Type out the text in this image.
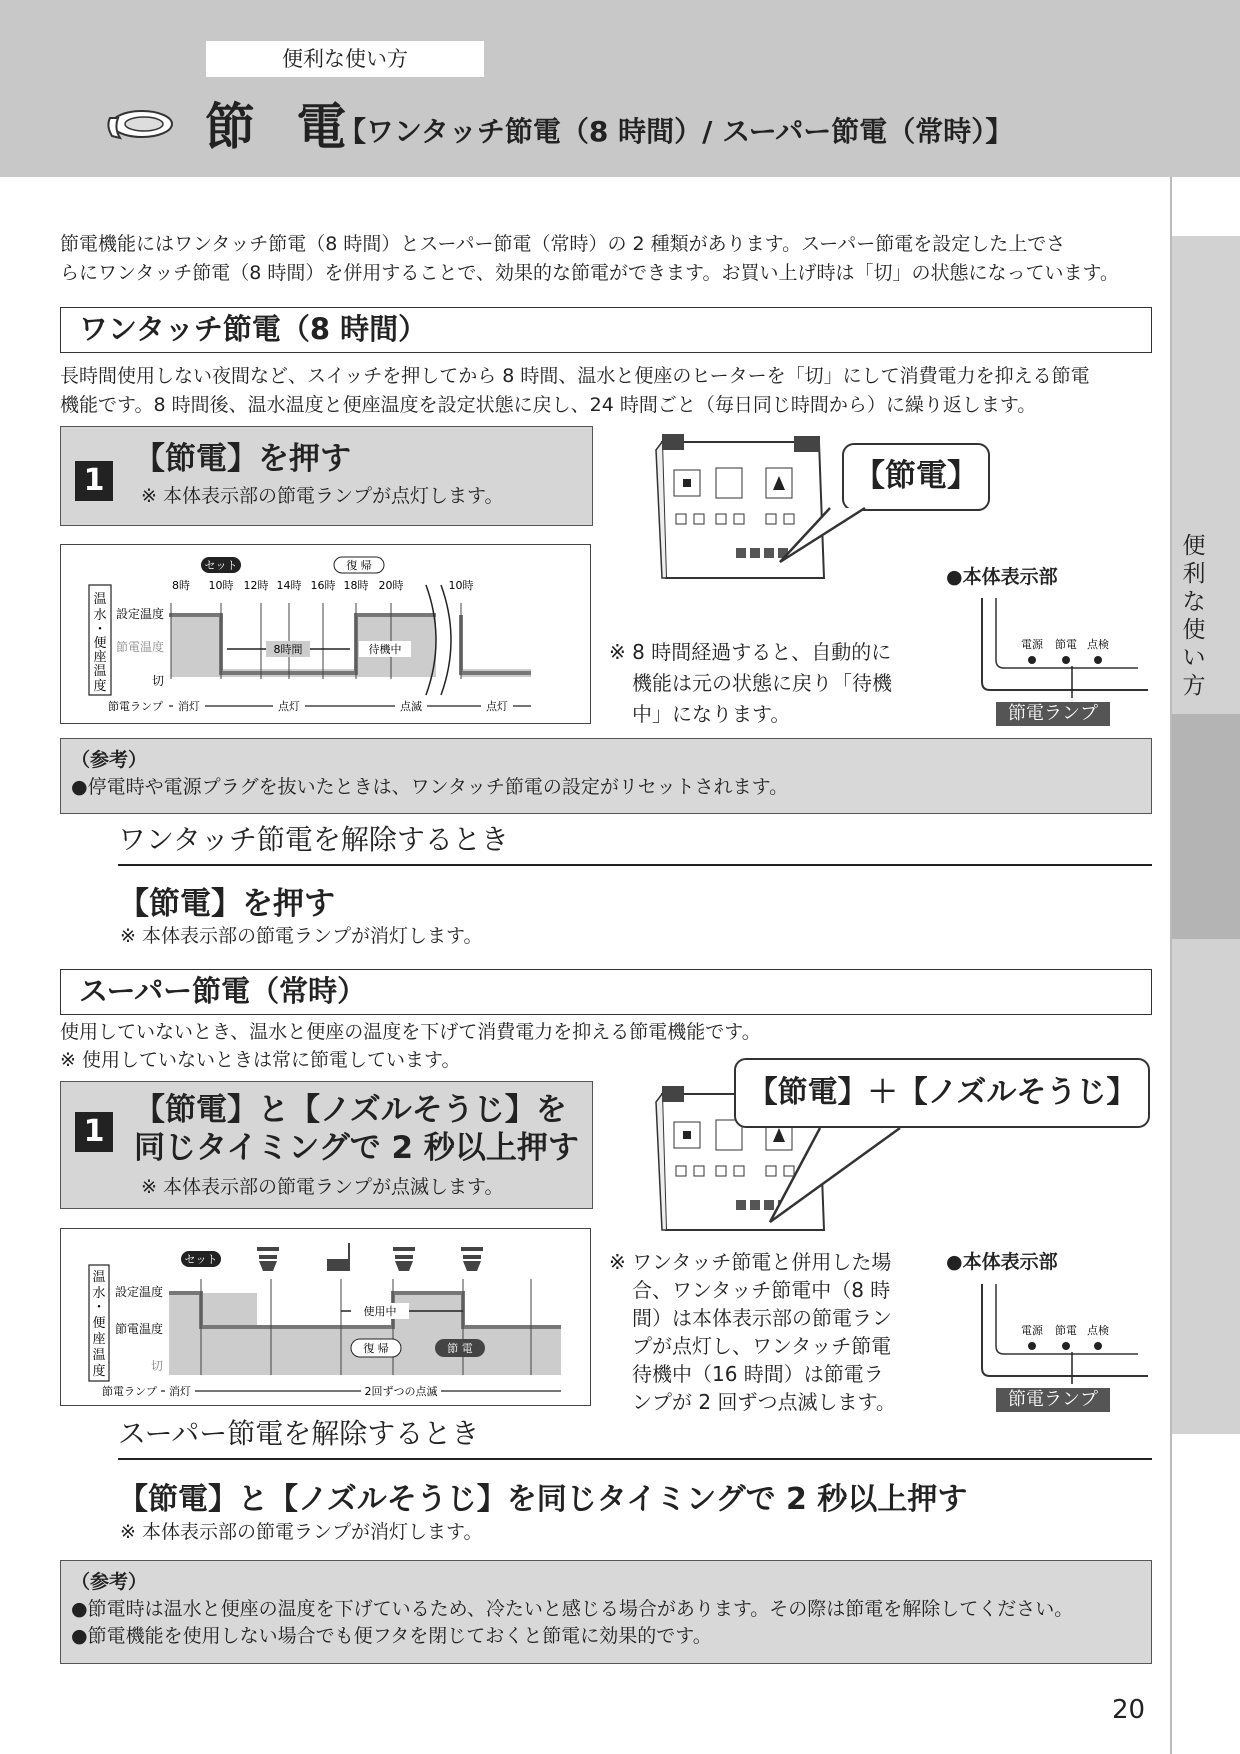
便利な使い方
節 電
【ワンタッチ節電（8 時間）/ スーパー節電（常時）】
便利な使い方
節電機能にはワンタッチ節電（8 時間）とスーパー節電（常時）の 2 種類があります。スーパー節電を設定した上でさ
らにワンタッチ節電（8 時間）を併用することで、効果的な節電ができます。お買い上げ時は「切」の状態になっています。
ワンタッチ節電（8 時間）
長時間使用しない夜間など、スイッチを押してから 8 時間、温水と便座のヒーターを「切」にして消費電力を抑える節電
機能です。8 時間後、温水温度と便座温度を設定状態に戻し、24 時間ごと（毎日同じ時間から）に繰り返します。
1
【節電】を押す
※ 本体表示部の節電ランプが点灯します。
温水・便座温度
設定温度
節電温度
切
セット	復 帰
8時 10時 12時 14時 16時 18時 20時	10時
8時間	待機中
節電ランプ 消灯	点灯	点滅	点灯
【節電】
※ 8 時間経過すると、自動的に
機能は元の状態に戻り「待機
中」になります。
●本体表示部
電源 節電 点検
節電ランプ
（参考）
●停電時や電源プラグを抜いたときは、ワンタッチ節電の設定がリセットされます。
ワンタッチ節電を解除するとき
【節電】を押す
※ 本体表示部の節電ランプが消灯します。
スーパー節電（常時）
使用していないとき、温水と便座の温度を下げて消費電力を抑える節電機能です。
※ 使用していないときは常に節電しています。
1
【節電】と【ノズルそうじ】を
同じタイミングで 2 秒以上押す
※ 本体表示部の節電ランプが点滅します。
温水・便座温度
設定温度
節電温度
切
セット
使用中
復 帰	節 電
節電ランプ 消灯	2回ずつの点滅
【節電】＋【ノズルそうじ】
※ ワンタッチ節電と併用した場
合、ワンタッチ節電中（8 時
間）は本体表示部の節電ラン
プが点灯し、ワンタッチ節電
待機中（16 時間）は節電ラ
ンプが 2 回ずつ点滅します。
●本体表示部
電源 節電 点検
節電ランプ
スーパー節電を解除するとき
【節電】と【ノズルそうじ】を同じタイミングで 2 秒以上押す
※ 本体表示部の節電ランプが消灯します。
（参考）
●節電時は温水と便座の温度を下げているため、冷たいと感じる場合があります。その際は節電を解除してください。
●節電機能を使用しない場合でも便フタを閉じておくと節電に効果的です。
20
